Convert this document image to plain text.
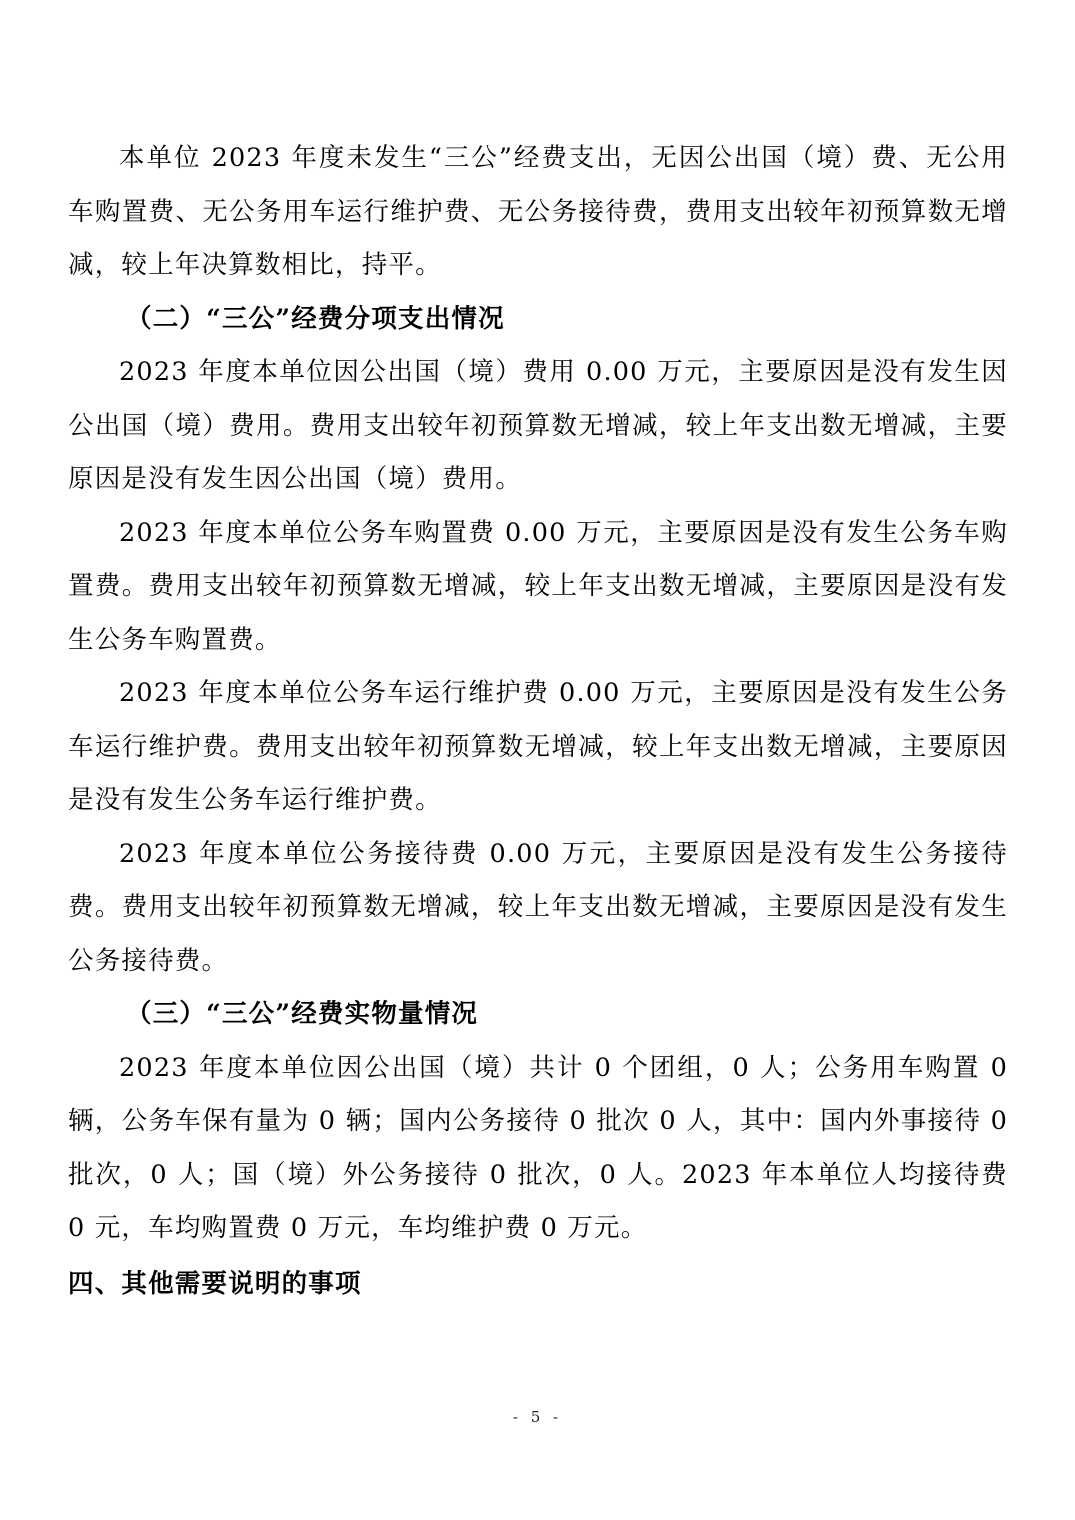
本单位 2023 年度未发生“三公”经费支出，无因公出国（境）费、无公用车购置费、无公务用车运行维护费、无公务接待费，费用支出较年初预算数无增减，较上年决算数相比，持平。

（二）“三公”经费分项支出情况

2023 年度本单位因公出国（境）费用 0.00 万元，主要原因是没有发生因公出国（境）费用。费用支出较年初预算数无增减，较上年支出数无增减，主要原因是没有发生因公出国（境）费用。

2023 年度本单位公务车购置费 0.00 万元，主要原因是没有发生公务车购置费。费用支出较年初预算数无增减，较上年支出数无增减，主要原因是没有发生公务车购置费。

2023 年度本单位公务车运行维护费 0.00 万元，主要原因是没有发生公务车运行维护费。费用支出较年初预算数无增减，较上年支出数无增减，主要原因是没有发生公务车运行维护费。

2023 年度本单位公务接待费 0.00 万元，主要原因是没有发生公务接待费。费用支出较年初预算数无增减，较上年支出数无增减，主要原因是没有发生公务接待费。

（三）“三公”经费实物量情况

2023 年度本单位因公出国（境）共计 0 个团组，0 人；公务用车购置 0 辆，公务车保有量为 0 辆；国内公务接待 0 批次 0 人，其中：国内外事接待 0 批次，0 人；国（境）外公务接待 0 批次，0 人。2023 年本单位人均接待费 0 元，车均购置费 0 万元，车均维护费 0 万元。

四、其他需要说明的事项

- 5 -
